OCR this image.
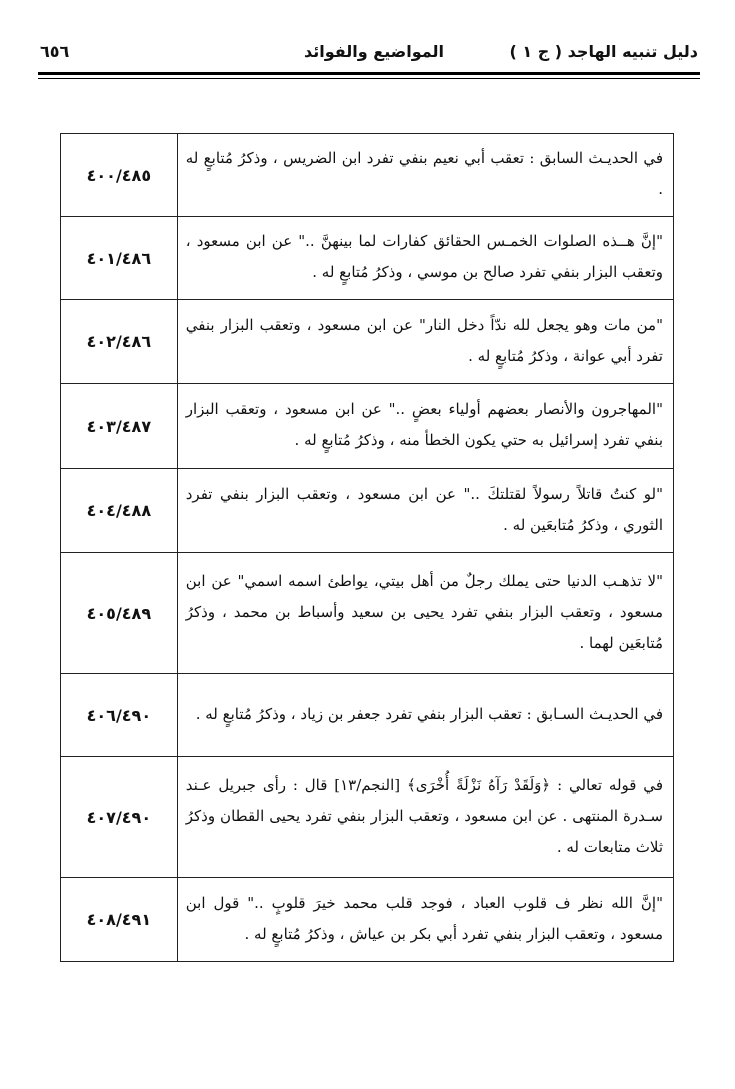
دليل تنبيه الهاجد ( ج ١ )
المواضيع والفوائد
٦٥٦
في الحديـث السابق : تعقب أبي نعيم بنفي تفرد ابن الضريس ، وذكرُ مُتابعٍ له .	٤٠٠/٤٨٥
"إنَّ هــذه الصلوات الخمـس الحقائق كفارات لما بينهنَّ .." عن ابن مسعود ، وتعقب البزار بنفي تفرد صالح بن موسي ، وذكرُ مُتابعٍ له .	٤٠١/٤٨٦
"من مات وهو يجعل لله ندّاً دخل النار" عن ابن مسعود ، وتعقب البزار بنفي تفرد أبي عوانة ، وذكرُ مُتابعٍ له .	٤٠٢/٤٨٦
"المهاجرون والأنصار بعضهم أولياء بعضٍ .." عن ابن مسعود ، وتعقب البزار بنفي تفرد إسرائيل به حتي يكون الخطأ منه ، وذكرُ مُتابعٍ له .	٤٠٣/٤٨٧
"لو كنتُ قاتلاً رسولاً لقتلتكَ .." عن ابن مسعود ، وتعقب البزار بنفي تفرد الثوري ، وذكرُ مُتابعَين له .	٤٠٤/٤٨٨
"لا تذهـب الدنيا حتى يملك رجلٌ من أهل بيتي، يواطئ اسمه اسمي" عن ابن مسعود ، وتعقب البزار بنفي تفرد يحيى بن سعيد وأسباط بن محمد ، وذكرُ مُتابعَين لهما .	٤٠٥/٤٨٩
في الحديـث السـابق : تعقب البزار بنفي تفرد جعفر بن زياد ، وذكرُ مُتابعٍ له .	٤٠٦/٤٩٠
في قوله تعالي : ﴿وَلَقَدْ رَآهُ نَزْلَةً أُخْرَى﴾ [النجم/١٣] قال : رأى جبريل عـند سـدرة المنتهى . عن ابن مسعود ، وتعقب البزار بنفي تفرد يحيى القطان وذكرُ ثلاث متابعات له .	٤٠٧/٤٩٠
"إنَّ الله نظر ف قلوب العباد ، فوجد قلب محمد خيرَ قلوبٍ .." قول ابن مسعود ، وتعقب البزار بنفي تفرد أبي بكر بن عياش ، وذكرُ مُتابعٍ له .	٤٠٨/٤٩١
